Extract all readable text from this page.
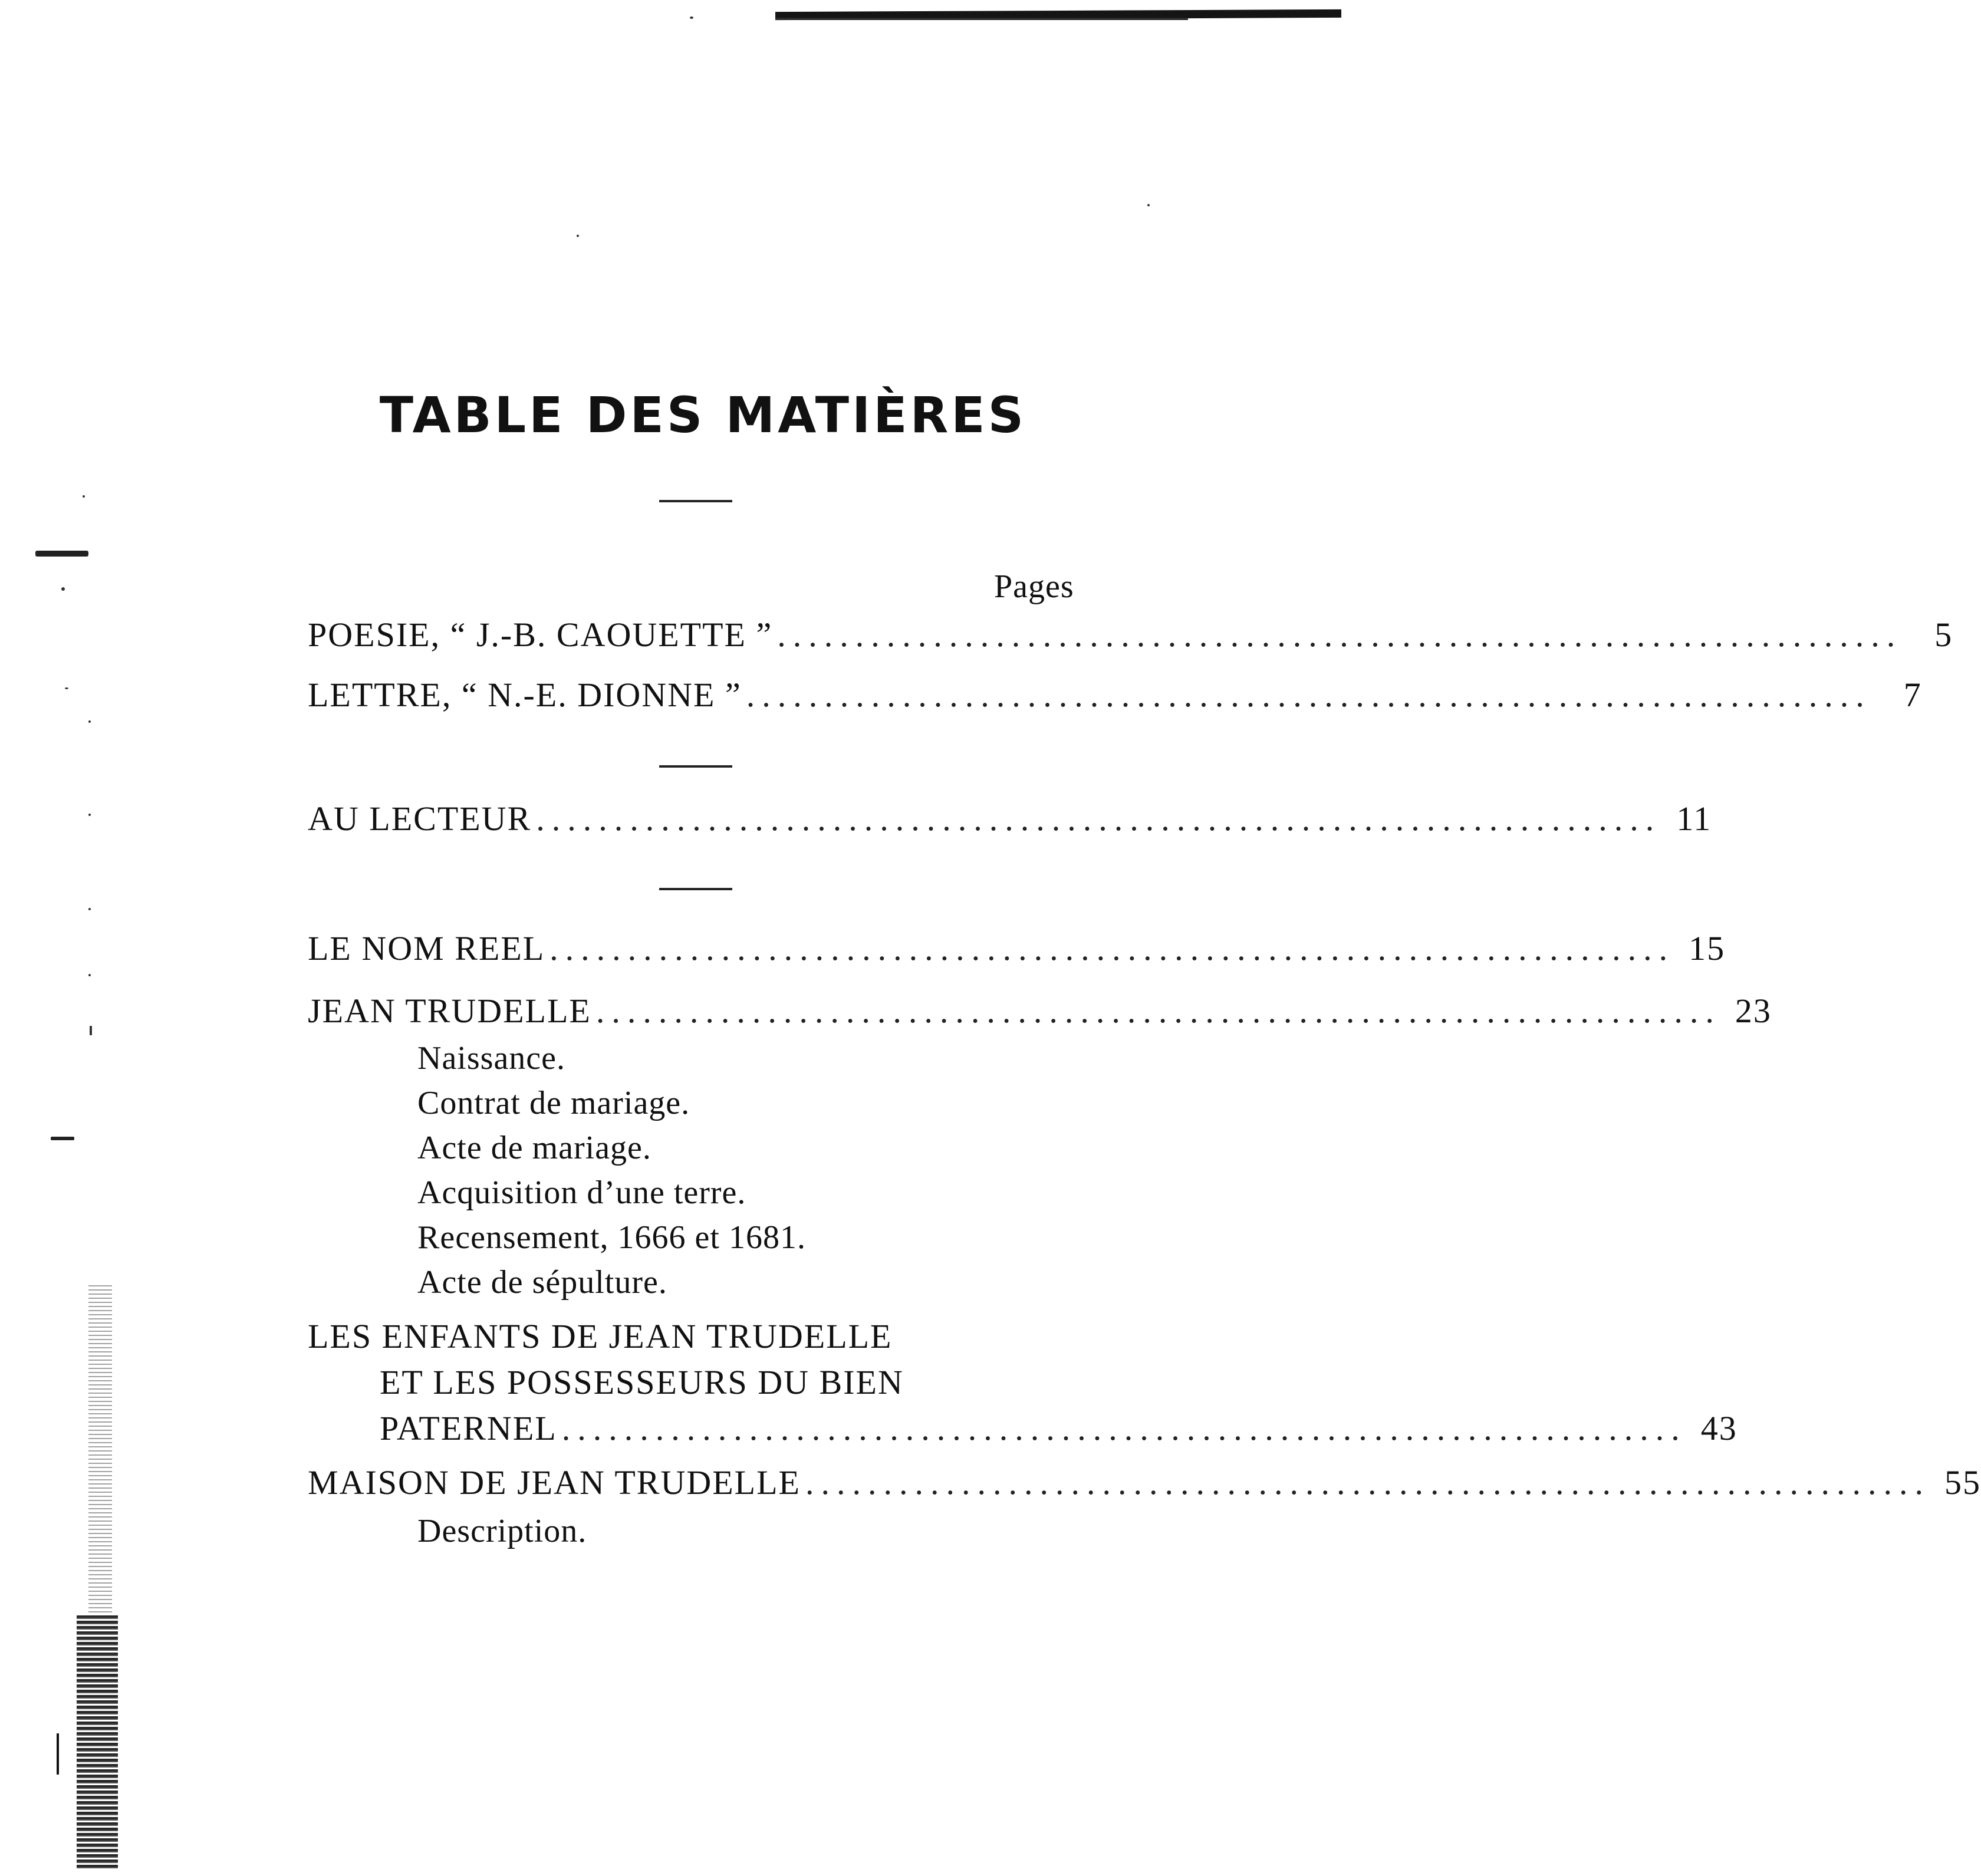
TABLE DES MATIÈRES
Pages
POESIE, “ J.-B. CAOUETTE ” ........................................................................ 5
LETTRE, “ N.-E. DIONNE ” ........................................................................ 7
AU LECTEUR ........................................................................ 11
LE NOM REEL ........................................................................ 15
JEAN TRUDELLE ........................................................................ 23
Naissance.
Contrat de mariage.
Acte de mariage.
Acquisition d’une terre.
Recensement, 1666 et 1681.
Acte de sépulture.
LES ENFANTS DE JEAN TRUDELLE
ET LES POSSESSEURS DU BIEN
PATERNEL ........................................................................ 43
MAISON DE JEAN TRUDELLE ........................................................................ 55
Description.
